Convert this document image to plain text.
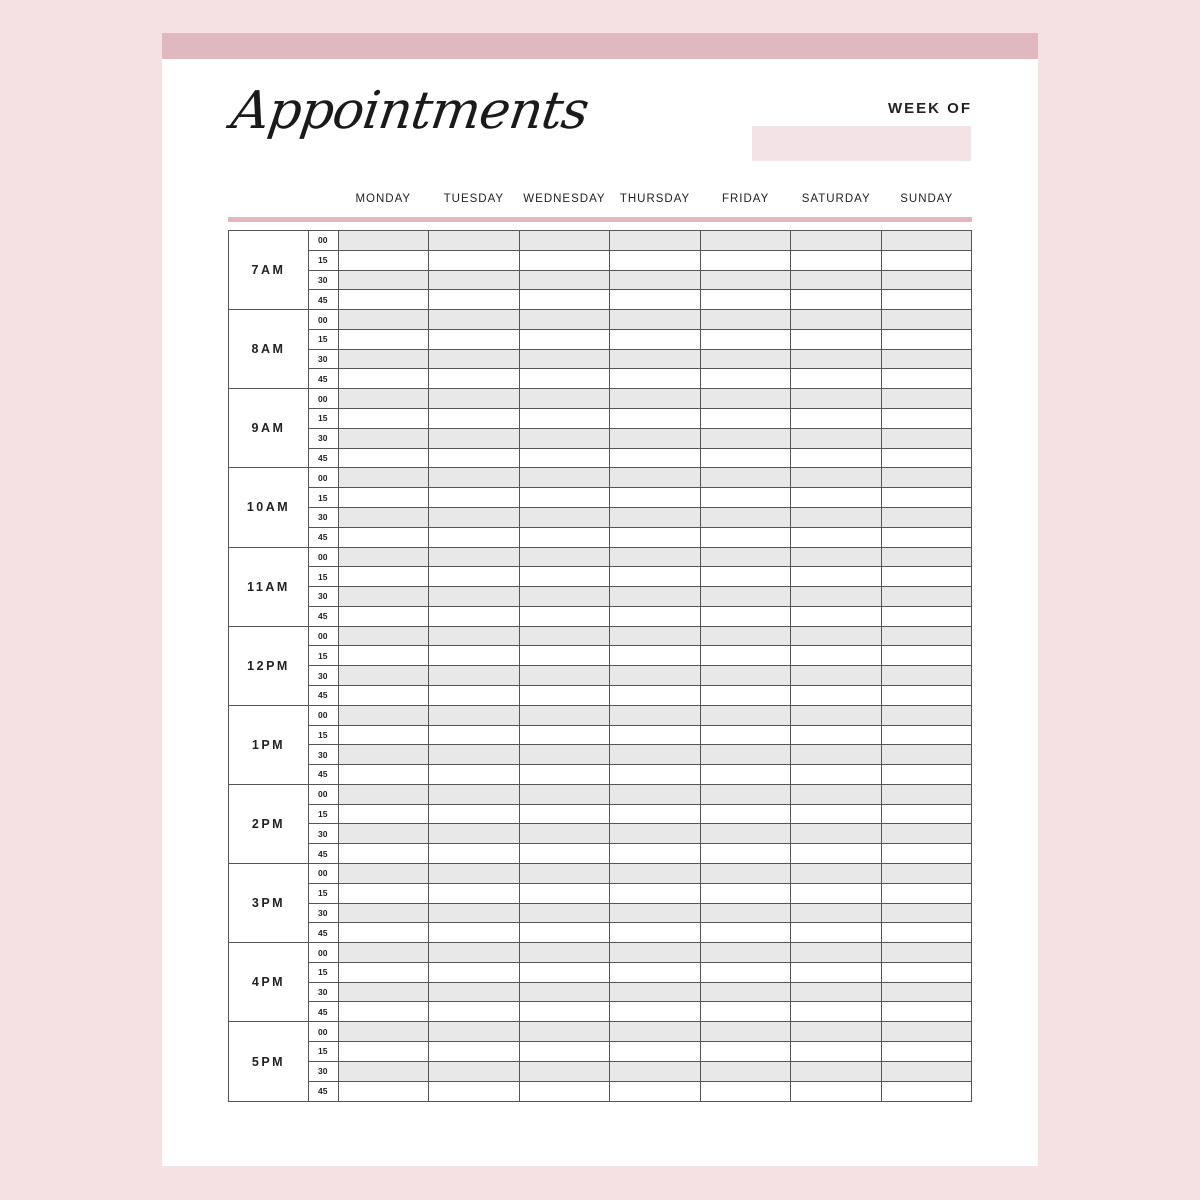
Appointments	WEEK OF
MONDAY	TUESDAY	WEDNESDAY	THURSDAY	FRIDAY	SATURDAY	SUNDAY
7AM	00							
	15							
	30							
	45							
8AM	00							
	15							
	30							
	45							
9AM	00							
	15							
	30							
	45							
10AM	00							
	15							
	30							
	45							
11AM	00							
	15							
	30							
	45							
12PM	00							
	15							
	30							
	45							
1PM	00							
	15							
	30							
	45							
2PM	00							
	15							
	30							
	45							
3PM	00							
	15							
	30							
	45							
4PM	00							
	15							
	30							
	45							
5PM	00							
	15							
	30							
	45							
